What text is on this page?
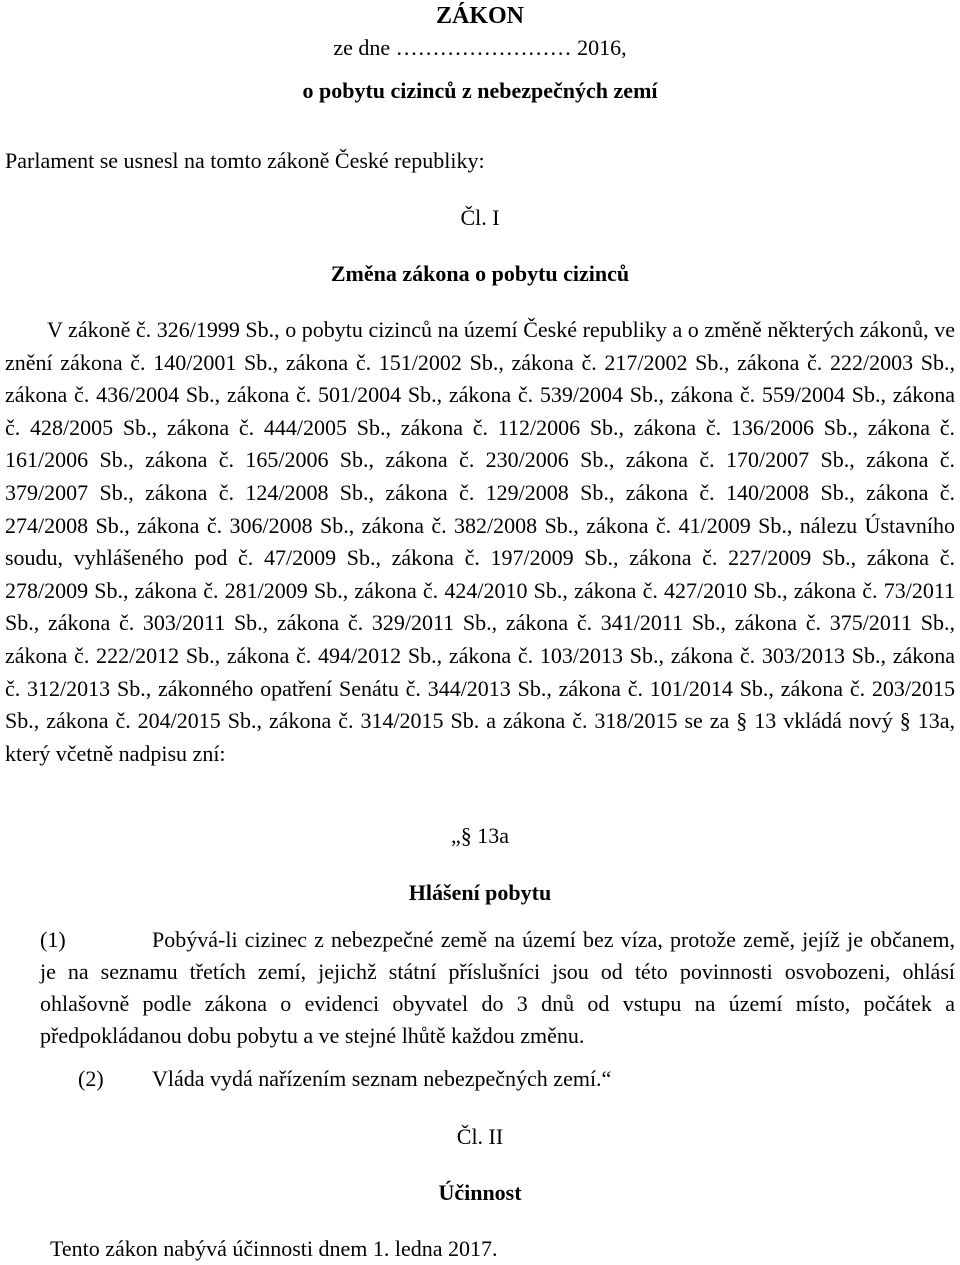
ZÁKON
ze dne …………………… 2016,
o pobytu cizinců z nebezpečných zemí
Parlament se usnesl na tomto zákoně České republiky:
Čl. I
Změna zákona o pobytu cizinců
V zákoně č. 326/1999 Sb., o pobytu cizinců na území České republiky a o změně některých zákonů, ve znění zákona č. 140/2001 Sb., zákona č. 151/2002 Sb., zákona č. 217/2002 Sb., zákona č. 222/2003 Sb., zákona č. 436/2004 Sb., zákona č. 501/2004 Sb., zákona č. 539/2004 Sb., zákona č. 559/2004 Sb., zákona č. 428/2005 Sb., zákona č. 444/2005 Sb., zákona č. 112/2006 Sb., zákona č. 136/2006 Sb., zákona č. 161/2006 Sb., zákona č. 165/2006 Sb., zákona č. 230/2006 Sb., zákona č. 170/2007 Sb., zákona č. 379/2007 Sb., zákona č. 124/2008 Sb., zákona č. 129/2008 Sb., zákona č. 140/2008 Sb., zákona č. 274/2008 Sb., zákona č. 306/2008 Sb., zákona č. 382/2008 Sb., zákona č. 41/2009 Sb., nálezu Ústavního soudu, vyhlášeného pod č. 47/2009 Sb., zákona č. 197/2009 Sb., zákona č. 227/2009 Sb., zákona č. 278/2009 Sb., zákona č. 281/2009 Sb., zákona č. 424/2010 Sb., zákona č. 427/2010 Sb., zákona č. 73/2011 Sb., zákona č. 303/2011 Sb., zákona č. 329/2011 Sb., zákona č. 341/2011 Sb., zákona č. 375/2011 Sb., zákona č. 222/2012 Sb., zákona č. 494/2012 Sb., zákona č. 103/2013 Sb., zákona č. 303/2013 Sb., zákona č. 312/2013 Sb., zákonného opatření Senátu č. 344/2013 Sb., zákona č. 101/2014 Sb., zákona č. 203/2015 Sb., zákona č. 204/2015 Sb., zákona č. 314/2015 Sb. a zákona č. 318/2015 se za § 13 vkládá nový § 13a, který včetně nadpisu zní:
„§ 13a
Hlášení pobytu
(1)	Pobývá-li cizinec z nebezpečné země na území bez víza, protože země, jejíž je občanem, je na seznamu třetích zemí, jejichž státní příslušníci jsou od této povinnosti osvobozeni, ohlásí ohlašovně podle zákona o evidenci obyvatel do 3 dnů od vstupu na území místo, počátek a předpokládanou dobu pobytu a ve stejné lhůtě každou změnu.
(2) Vláda vydá nařízením seznam nebezpečných zemí.“
Čl. II
Účinnost
Tento zákon nabývá účinnosti dnem 1. ledna 2017.
